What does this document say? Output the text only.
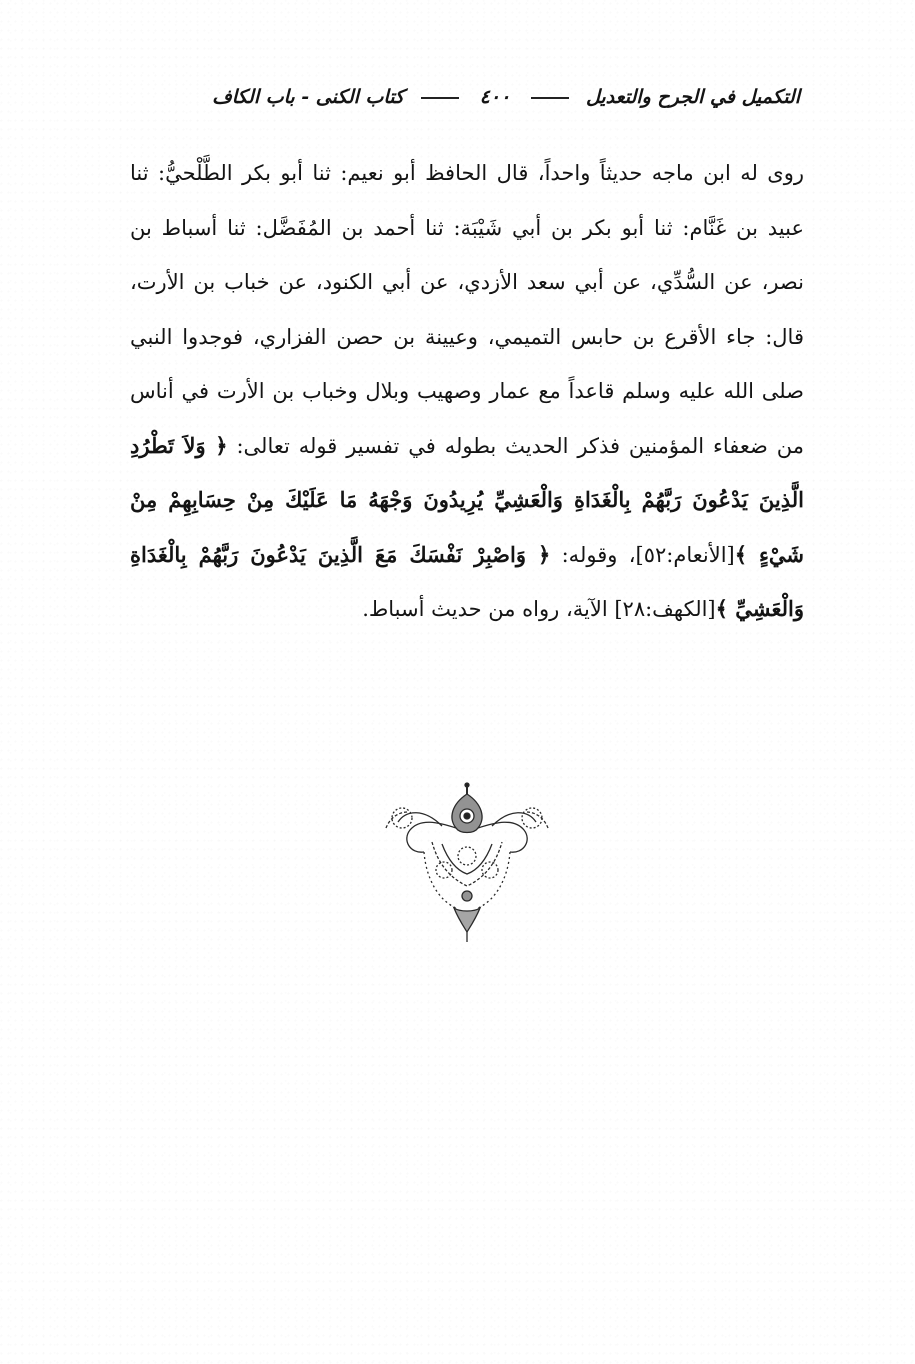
التكميل في الجرح والتعديل  ٤٠٠  كتاب الكنى - باب الكاف

روى له ابن ماجه حديثاً واحداً، قال الحافظ أبو نعيم: ثنا أبو بكر الطَّلْحيُّ: ثنا عبيد بن غَنَّام: ثنا أبو بكر بن أبي شَيْبَة: ثنا أحمد بن المُفَضَّل: ثنا أسباط بن نصر، عن السُّدِّي، عن أبي سعد الأزدي، عن أبي الكنود، عن خباب بن الأرت، قال: جاء الأقرع بن حابس التميمي، وعيينة بن حصن الفزاري، فوجدوا النبي صلى الله عليه وسلم قاعداً مع عمار وصهيب وبلال وخباب بن الأرت في أناس من ضعفاء المؤمنين فذكر الحديث بطوله في تفسير قوله تعالى: ﴿ وَلاَ تَطْرُدِ الَّذِينَ يَدْعُونَ رَبَّهُمْ بِالْغَدَاةِ وَالْعَشِيِّ يُرِيدُونَ وَجْهَهُ مَا عَلَيْكَ مِنْ حِسَابِهِمْ مِنْ شَيْءٍ ﴾[الأنعام:٥٢]، وقوله: ﴿ وَاصْبِرْ نَفْسَكَ مَعَ الَّذِينَ يَدْعُونَ رَبَّهُمْ بِالْغَدَاةِ وَالْعَشِيِّ ﴾[الكهف:٢٨] الآية، رواه من حديث أسباط.
